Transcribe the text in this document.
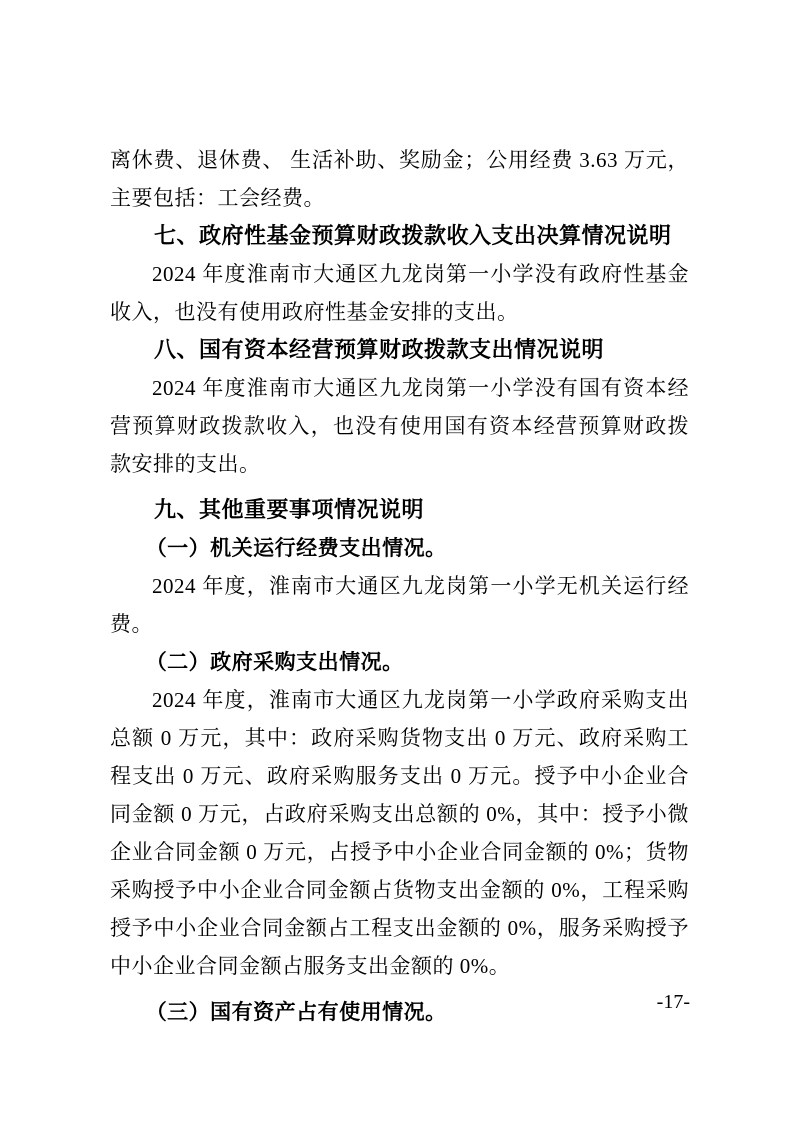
离休费、退休费、 生活补助、奖励金；公用经费 3.63 万元，主要包括：工会经费。

七、政府性基金预算财政拨款收入支出决算情况说明

2024 年度淮南市大通区九龙岗第一小学没有政府性基金收入，也没有使用政府性基金安排的支出。

八、国有资本经营预算财政拨款支出情况说明

2024 年度淮南市大通区九龙岗第一小学没有国有资本经营预算财政拨款收入，也没有使用国有资本经营预算财政拨款安排的支出。

九、其他重要事项情况说明
（一）机关运行经费支出情况。

2024 年度，淮南市大通区九龙岗第一小学无机关运行经费。

（二）政府采购支出情况。

2024 年度，淮南市大通区九龙岗第一小学政府采购支出总额 0 万元，其中：政府采购货物支出 0 万元、政府采购工程支出 0 万元、政府采购服务支出 0 万元。授予中小企业合同金额 0 万元，占政府采购支出总额的 0%，其中：授予小微企业合同金额 0 万元，占授予中小企业合同金额的 0%；货物采购授予中小企业合同金额占货物支出金额的 0%，工程采购授予中小企业合同金额占工程支出金额的 0%，服务采购授予中小企业合同金额占服务支出金额的 0%。

（三）国有资产占有使用情况。	-17-
